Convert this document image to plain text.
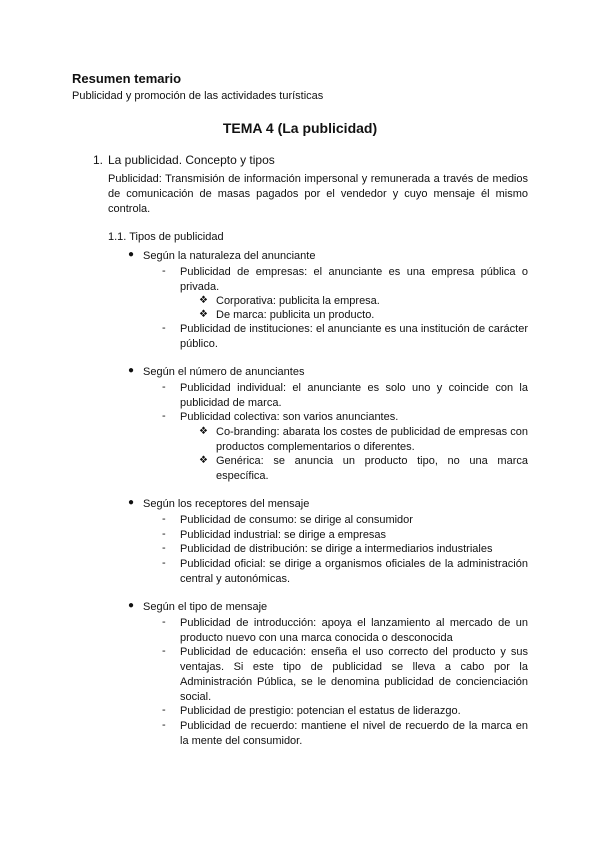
Resumen temario
Publicidad y promoción de las actividades turísticas
TEMA 4 (La publicidad)
1. La publicidad. Concepto y tipos
Publicidad: Transmisión de información impersonal y remunerada a través de medios de comunicación de masas pagados por el vendedor y cuyo mensaje él mismo controla.
1.1. Tipos de publicidad
● Según la naturaleza del anunciante
- Publicidad de empresas: el anunciante es una empresa pública o privada.
❖ Corporativa: publicita la empresa.
❖ De marca: publicita un producto.
- Publicidad de instituciones: el anunciante es una institución de carácter público.
● Según el número de anunciantes
- Publicidad individual: el anunciante es solo uno y coincide con la publicidad de marca.
- Publicidad colectiva: son varios anunciantes.
❖ Co-branding: abarata los costes de publicidad de empresas con productos complementarios o diferentes.
❖ Genérica: se anuncia un producto tipo, no una marca específica.
● Según los receptores del mensaje
- Publicidad de consumo: se dirige al consumidor
- Publicidad industrial: se dirige a empresas
- Publicidad de distribución: se dirige a intermediarios industriales
- Publicidad oficial: se dirige a organismos oficiales de la administración central y autonómicas.
● Según el tipo de mensaje
- Publicidad de introducción: apoya el lanzamiento al mercado de un producto nuevo con una marca conocida o desconocida
- Publicidad de educación: enseña el uso correcto del producto y sus ventajas. Si este tipo de publicidad se lleva a cabo por la Administración Pública, se le denomina publicidad de concienciación social.
- Publicidad de prestigio: potencian el estatus de liderazgo.
- Publicidad de recuerdo: mantiene el nivel de recuerdo de la marca en la mente del consumidor.
